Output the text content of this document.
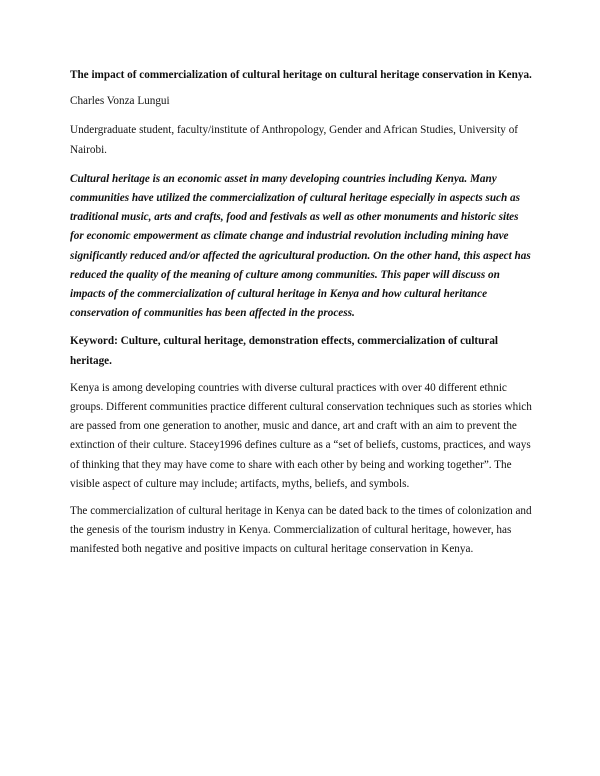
The impact of commercialization of cultural heritage on cultural heritage conservation in Kenya.

Charles Vonza Lungui

Undergraduate student, faculty/institute of Anthropology, Gender and African Studies, University of Nairobi.

Cultural heritage is an economic asset in many developing countries including Kenya. Many communities have utilized the commercialization of cultural heritage especially in aspects such as traditional music, arts and crafts, food and festivals as well as other monuments and historic sites for economic empowerment as climate change and industrial revolution including mining have significantly reduced and/or affected the agricultural production. On the other hand, this aspect has reduced the quality of the meaning of culture among communities. This paper will discuss on impacts of the commercialization of cultural heritage in Kenya and how cultural heritance conservation of communities has been affected in the process.

Keyword: Culture, cultural heritage, demonstration effects, commercialization of cultural heritage.

Kenya is among developing countries with diverse cultural practices with over 40 different ethnic groups. Different communities practice different cultural conservation techniques such as stories which are passed from one generation to another, music and dance, art and craft with an aim to prevent the extinction of their culture. Stacey1996 defines culture as a “set of beliefs, customs, practices, and ways of thinking that they may have come to share with each other by being and working together”. The visible aspect of culture may include; artifacts, myths, beliefs, and symbols.

The commercialization of cultural heritage in Kenya can be dated back to the times of colonization and the genesis of the tourism industry in Kenya. Commercialization of cultural heritage, however, has manifested both negative and positive impacts on cultural heritage conservation in Kenya.
